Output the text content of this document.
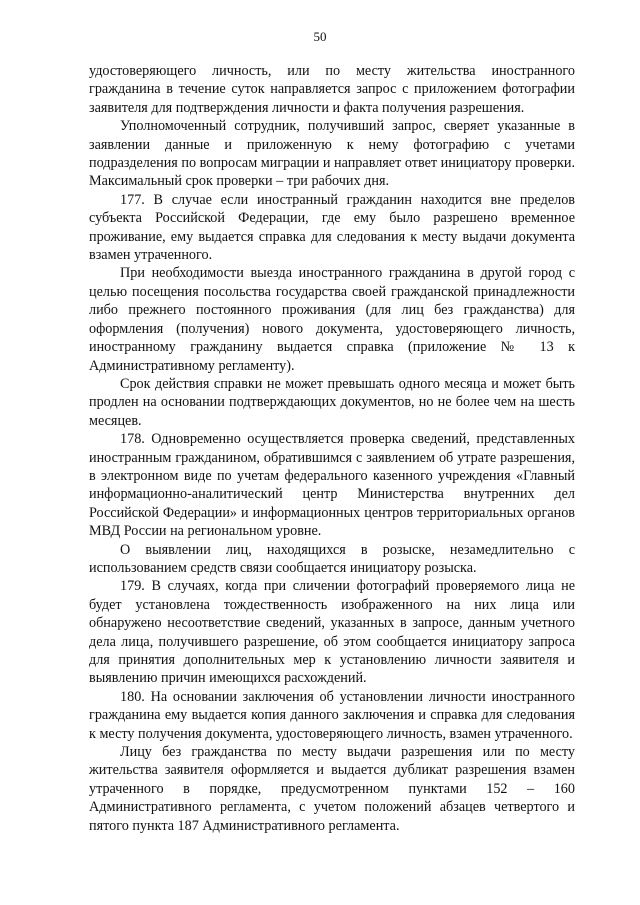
50

удостоверяющего личность, или по месту жительства иностранного гражданина в течение суток направляется запрос с приложением фотографии заявителя для подтверждения личности и факта получения разрешения.

Уполномоченный сотрудник, получивший запрос, сверяет указанные в заявлении данные и приложенную к нему фотографию с учетами подразделения по вопросам миграции и направляет ответ инициатору проверки. Максимальный срок проверки – три рабочих дня.

177. В случае если иностранный гражданин находится вне пределов субъекта Российской Федерации, где ему было разрешено временное проживание, ему выдается справка для следования к месту выдачи документа взамен утраченного.

При необходимости выезда иностранного гражданина в другой город с целью посещения посольства государства своей гражданской принадлежности либо прежнего постоянного проживания (для лиц без гражданства) для оформления (получения) нового документа, удостоверяющего личность, иностранному гражданину выдается справка (приложение № 13 к Административному регламенту).

Срок действия справки не может превышать одного месяца и может быть продлен на основании подтверждающих документов, но не более чем на шесть месяцев.

178. Одновременно осуществляется проверка сведений, представленных иностранным гражданином, обратившимся с заявлением об утрате разрешения, в электронном виде по учетам федерального казенного учреждения «Главный информационно-аналитический центр Министерства внутренних дел Российской Федерации» и информационных центров территориальных органов МВД России на региональном уровне.

О выявлении лиц, находящихся в розыске, незамедлительно с использованием средств связи сообщается инициатору розыска.

179. В случаях, когда при сличении фотографий проверяемого лица не будет установлена тождественность изображенного на них лица или обнаружено несоответствие сведений, указанных в запросе, данным учетного дела лица, получившего разрешение, об этом сообщается инициатору запроса для принятия дополнительных мер к установлению личности заявителя и выявлению причин имеющихся расхождений.

180. На основании заключения об установлении личности иностранного гражданина ему выдается копия данного заключения и справка для следования к месту получения документа, удостоверяющего личность, взамен утраченного.

Лицу без гражданства по месту выдачи разрешения или по месту жительства заявителя оформляется и выдается дубликат разрешения взамен утраченного в порядке, предусмотренном пунктами 152 – 160 Административного регламента, с учетом положений абзацев четвертого и пятого пункта 187 Административного регламента.
